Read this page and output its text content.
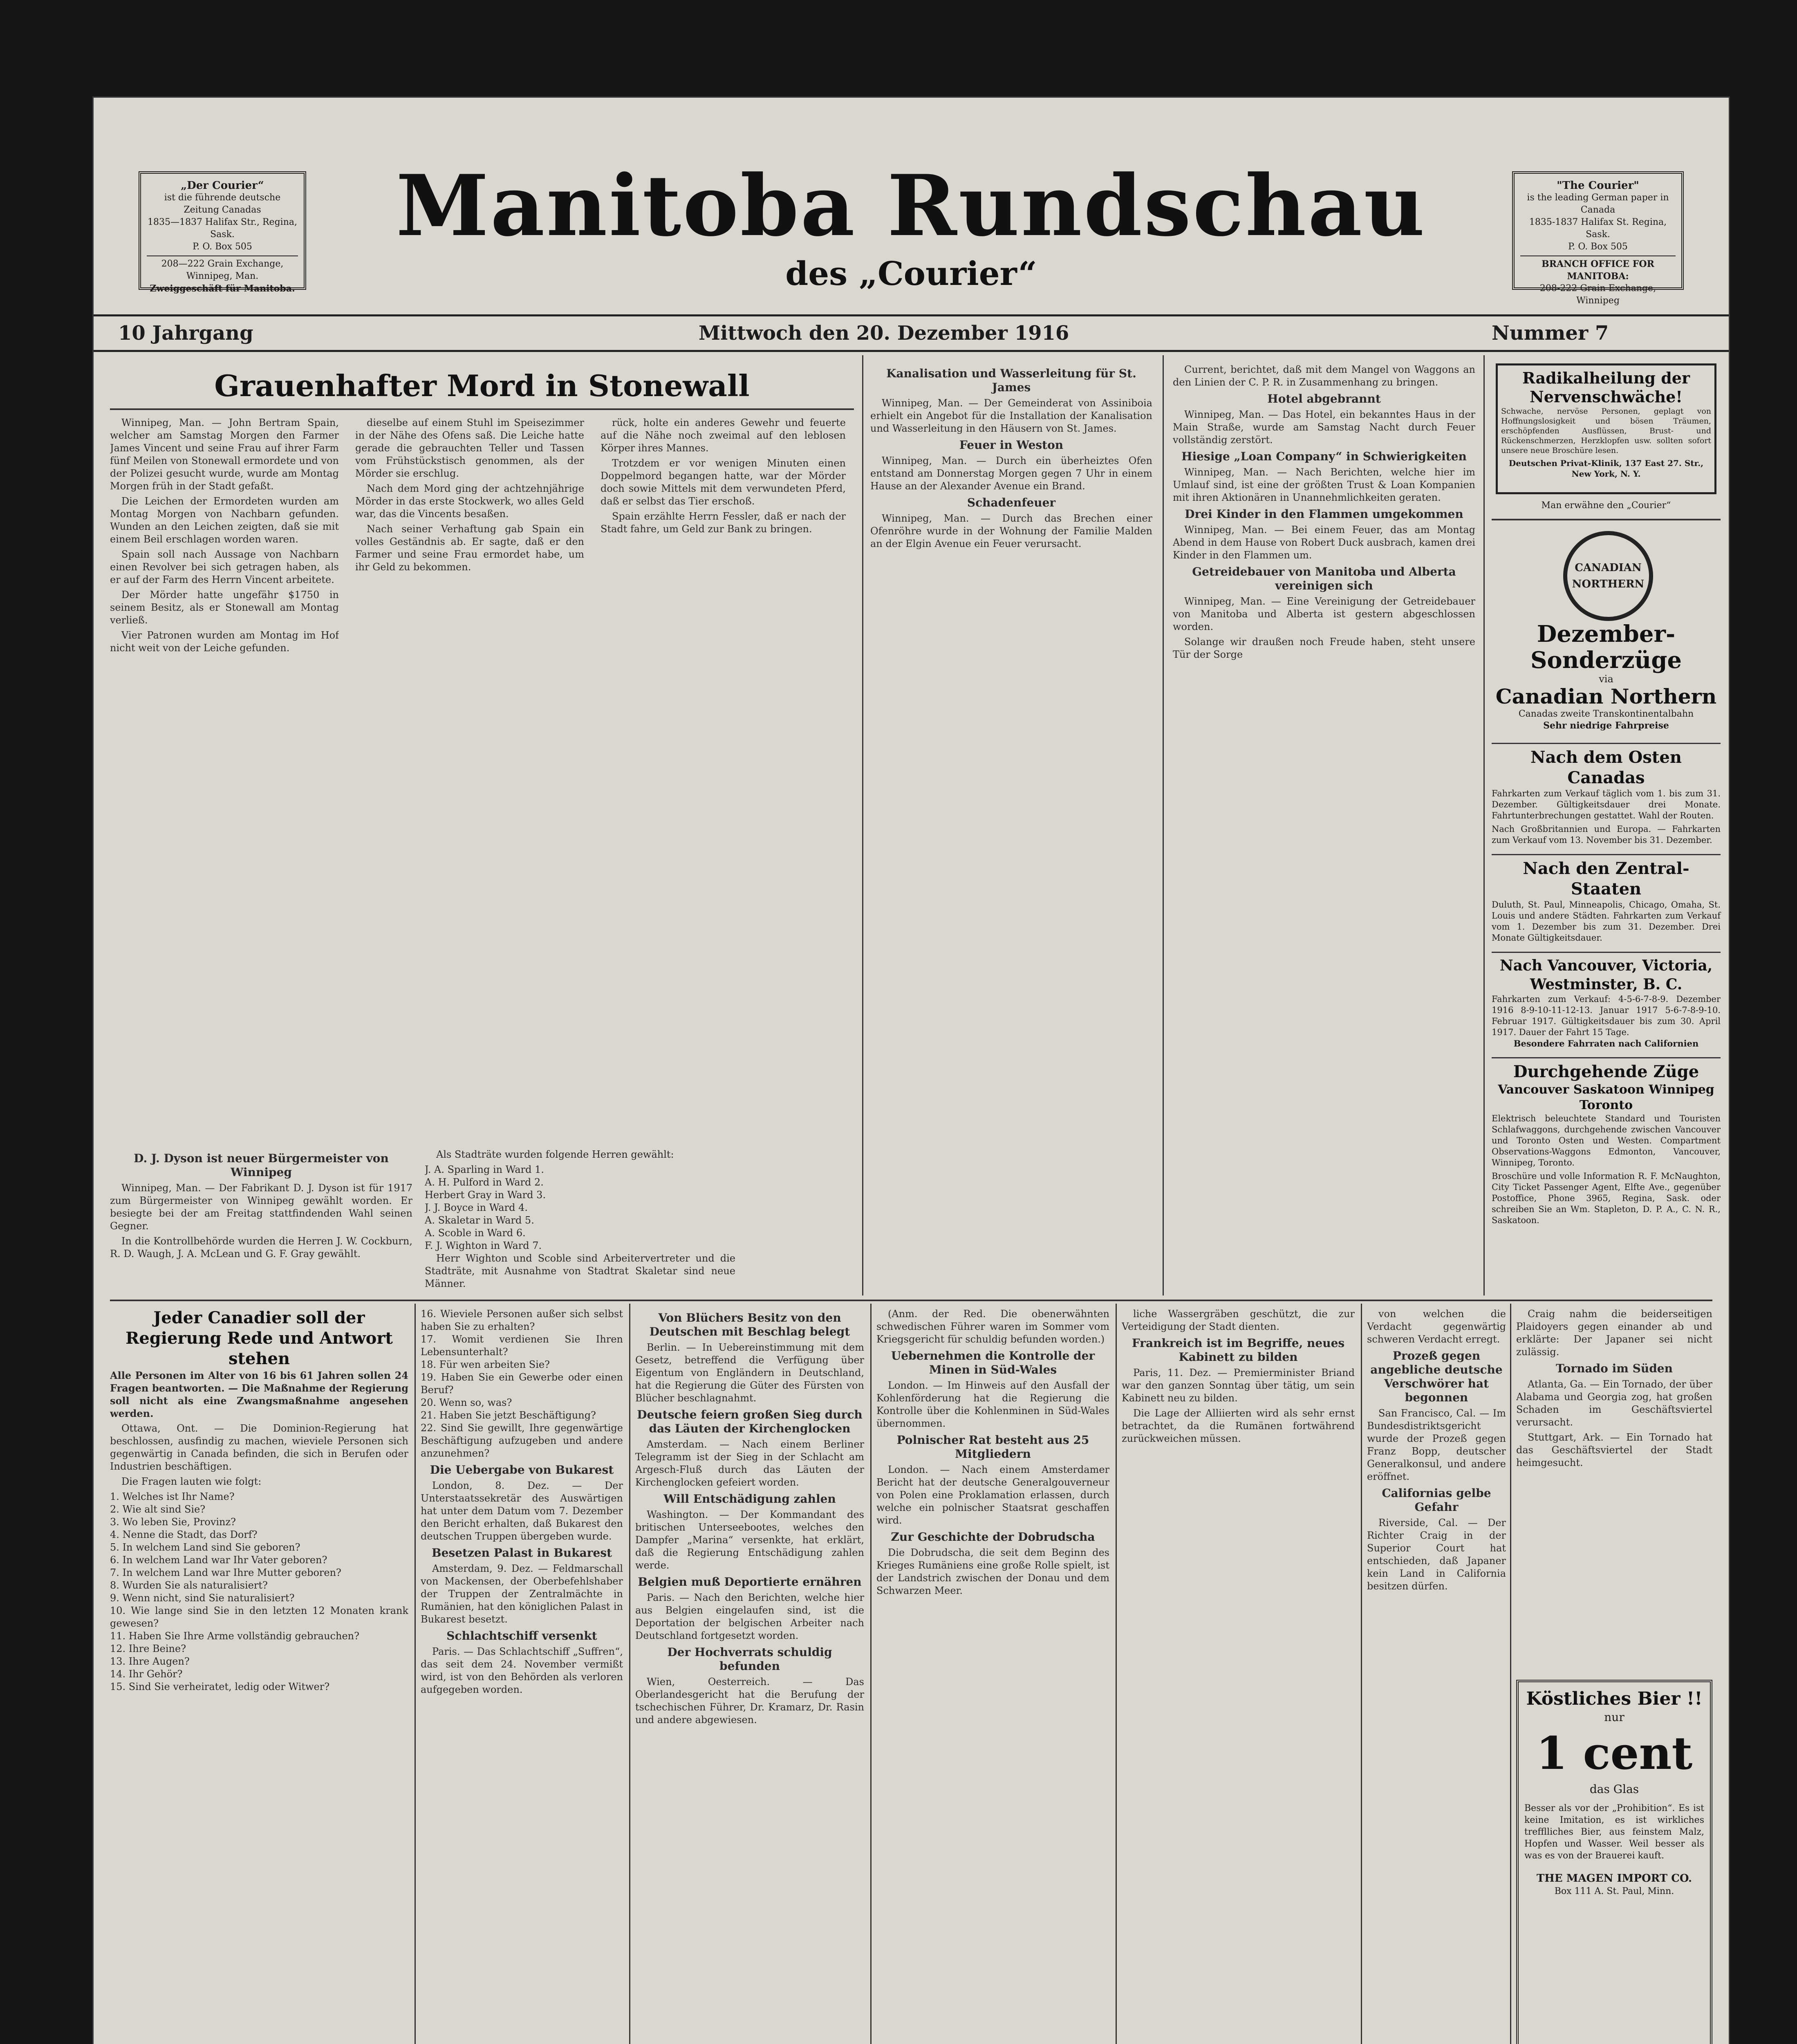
„Der Courier“
ist die führende deutsche Zeitung Canadas
1835—1837 Halifax Str., Regina, Sask.
P. O. Box 505
208—222 Grain Exchange, Winnipeg, Man.
Zweiggeschäft für Manitoba.
Manitoba Rundschau
des „Courier“
"The Courier"
is the leading German paper in Canada
1835-1837 Halifax St. Regina, Sask.
P. O. Box 505
BRANCH OFFICE FOR MANITOBA:
208-222 Grain Exchange, Winnipeg
10 Jahrgang	Mittwoch den 20. Dezember 1916	Nummer 7
Grauenhafter Mord in Stonewall

Winnipeg, Man. — John Bertram Spain, welcher am Samstag Morgen den Farmer James Vincent und seine Frau auf ihrer Farm fünf Meilen von Stonewall ermordete und von der Polizei gesucht wurde, wurde am Montag Morgen früh in der Stadt gefaßt.

Die Leichen der Ermordeten wurden am Montag Morgen von Nachbarn gefunden. Wunden an den Leichen zeigten, daß sie mit einem Beil erschlagen worden waren.

Spain soll nach Aussage von Nachbarn einen Revolver bei sich getragen haben, als er auf der Farm des Herrn Vincent arbeitete.

Der Mörder hatte ungefähr $1750 in seinem Besitz, als er Stonewall am Montag verließ.

Vier Patronen wurden am Montag im Hof nicht weit von der Leiche gefunden.

dieselbe auf einem Stuhl im Speisezimmer in der Nähe des Ofens saß. Die Leiche hatte gerade die gebrauchten Teller und Tassen vom Frühstückstisch genommen, als der Mörder sie erschlug.

Nach dem Mord ging der achtzehnjährige Mörder in das erste Stockwerk, wo alles Geld war, das die Vincents besaßen.

Nach seiner Verhaftung gab Spain ein volles Geständnis ab. Er sagte, daß er den Farmer und seine Frau ermordet habe, um ihr Geld zu bekommen.

rück, holte ein anderes Gewehr und feuerte auf die Nähe noch zweimal auf den leblosen Körper ihres Mannes.

Trotzdem er vor wenigen Minuten einen Doppelmord begangen hatte, war der Mörder doch sowie Mittels mit dem verwundeten Pferd, daß er selbst das Tier erschoß.

Spain erzählte Herrn Fessler, daß er nach der Stadt fahre, um Geld zur Bank zu bringen.

Kanalisation und Wasserleitung für St. James

Winnipeg, Man. — Der Gemeinderat von Assiniboia erhielt ein Angebot für die Installation der Kanalisation und Wasserleitung in den Häusern von St. James.

Feuer in Weston

Winnipeg, Man. — Durch ein überheiztes Ofen entstand am Donnerstag Morgen gegen 7 Uhr in einem Hause an der Alexander Avenue ein Brand.

Schadenfeuer

Winnipeg, Man. — Durch das Brechen einer Ofenröhre wurde in der Wohnung der Familie Malden an der Elgin Avenue ein Feuer verursacht.

Current, berichtet, daß mit dem Mangel von Waggons an den Linien der C. P. R. in Zusammenhang zu bringen.

Hotel abgebrannt

Winnipeg, Man. — Das Hotel, ein bekanntes Haus in der Main Straße, wurde am Samstag Nacht durch Feuer vollständig zerstört.

Hiesige „Loan Company“ in Schwierigkeiten

Winnipeg, Man. — Nach Berichten, welche hier im Umlauf sind, ist eine der größten Trust & Loan Kompanien mit ihren Aktionären in Unannehmlichkeiten geraten.

Drei Kinder in den Flammen umgekommen

Winnipeg, Man. — Bei einem Feuer, das am Montag Abend in dem Hause von Robert Duck ausbrach, kamen drei Kinder in den Flammen um.

Getreidebauer von Manitoba und Alberta vereinigen sich

Winnipeg, Man. — Eine Vereinigung der Getreidebauer von Manitoba und Alberta ist gestern abgeschlossen worden.

Solange wir draußen noch Freude haben, steht unsere Tür der Sorge

Radikalheilung der Nervenschwäche!
Schwache, nervöse Personen, geplagt von Hoffnungslosigkeit und bösen Träumen, erschöpfenden Ausflüssen, Brust- und Rückenschmerzen, Herzklopfen usw. sollten sofort unsere neue Broschüre lesen.
Deutschen Privat-Klinik, 137 East 27. Str., New York, N. Y.
Man erwähne den „Courier“
CANADIAN
NORTHERN
Dezember-Sonderzüge
via
Canadian Northern
Canadas zweite Transkontinentalbahn
Sehr niedrige Fahrpreise
Nach dem Osten Canadas
Fahrkarten zum Verkauf täglich vom 1. bis zum 31. Dezember. Gültigkeitsdauer drei Monate. Fahrtunterbrechungen gestattet. Wahl der Routen.
Nach Großbritannien und Europa. — Fahrkarten zum Verkauf vom 13. November bis 31. Dezember.
Nach den Zentral-Staaten
Duluth, St. Paul, Minneapolis, Chicago, Omaha, St. Louis und andere Städten. Fahrkarten zum Verkauf vom 1. Dezember bis zum 31. Dezember. Drei Monate Gültigkeitsdauer.
Nach Vancouver, Victoria, Westminster, B. C.
Fahrkarten zum Verkauf: 4-5-6-7-8-9. Dezember 1916 8-9-10-11-12-13. Januar 1917 5-6-7-8-9-10. Februar 1917. Gültigkeitsdauer bis zum 30. April 1917. Dauer der Fahrt 15 Tage.
Besondere Fahrraten nach Californien
Durchgehende Züge
Vancouver Saskatoon Winnipeg Toronto
Elektrisch beleuchtete Standard und Touristen Schlafwaggons, durchgehende zwischen Vancouver und Toronto Osten und Westen. Compartment Observations-Waggons Edmonton, Vancouver, Winnipeg, Toronto.
Broschüre und volle Information R. F. McNaughton, City Ticket Passenger Agent, Elfte Ave., gegenüber Postoffice, Phone 3965, Regina, Sask. oder schreiben Sie an Wm. Stapleton, D. P. A., C. N. R., Saskatoon.
D. J. Dyson ist neuer Bürgermeister von Winnipeg

Winnipeg, Man. — Der Fabrikant D. J. Dyson ist für 1917 zum Bürgermeister von Winnipeg gewählt worden. Er besiegte bei der am Freitag stattfindenden Wahl seinen Gegner.

In die Kontrollbehörde wurden die Herren J. W. Cockburn, R. D. Waugh, J. A. McLean und G. F. Gray gewählt.

Als Stadträte wurden folgende Herren gewählt:

J. A. Sparling in Ward 1.
A. H. Pulford in Ward 2.
Herbert Gray in Ward 3.
J. J. Boyce in Ward 4.
A. Skaletar in Ward 5.
A. Scoble in Ward 6.
F. J. Wighton in Ward 7.

Herr Wighton und Scoble sind Arbeitervertreter und die Stadträte, mit Ausnahme von Stadtrat Skaletar sind neue Männer.

Jeder Canadier soll der Regierung Rede und Antwort stehen

Alle Personen im Alter von 16 bis 61 Jahren sollen 24 Fragen beantworten. — Die Maßnahme der Regierung soll nicht als eine Zwangsmaßnahme angesehen werden.

Ottawa, Ont. — Die Dominion-Regierung hat beschlossen, ausfindig zu machen, wieviele Personen sich gegenwärtig in Canada befinden, die sich in Berufen oder Industrien beschäftigen.

Die Fragen lauten wie folgt:

1. Welches ist Ihr Name?
2. Wie alt sind Sie?
3. Wo leben Sie, Provinz?
4. Nenne die Stadt, das Dorf?
5. In welchem Land sind Sie geboren?
6. In welchem Land war Ihr Vater geboren?
7. In welchem Land war Ihre Mutter geboren?
8. Wurden Sie als naturalisiert?
9. Wenn nicht, sind Sie naturalisiert?
10. Wie lange sind Sie in den letzten 12 Monaten krank gewesen?
11. Haben Sie Ihre Arme vollständig gebrauchen?
12. Ihre Beine?
13. Ihre Augen?
14. Ihr Gehör?
15. Sind Sie verheiratet, ledig oder Witwer?
16. Wieviele Personen außer sich selbst haben Sie zu erhalten?
17. Womit verdienen Sie Ihren Lebensunterhalt?
18. Für wen arbeiten Sie?
19. Haben Sie ein Gewerbe oder einen Beruf?
20. Wenn so, was?
21. Haben Sie jetzt Beschäftigung?
22. Sind Sie gewillt, Ihre gegenwärtige Beschäftigung aufzugeben und andere anzunehmen?
Die Uebergabe von Bukarest

London, 8. Dez. — Der Unterstaatssekretär des Auswärtigen hat unter dem Datum vom 7. Dezember den Bericht erhalten, daß Bukarest den deutschen Truppen übergeben wurde.

Besetzen Palast in Bukarest

Amsterdam, 9. Dez. — Feldmarschall von Mackensen, der Oberbefehlshaber der Truppen der Zentralmächte in Rumänien, hat den königlichen Palast in Bukarest besetzt.

Schlachtschiff versenkt

Paris. — Das Schlachtschiff „Suffren“, das seit dem 24. November vermißt wird, ist von den Behörden als verloren aufgegeben worden.

Von Blüchers Besitz von den Deutschen mit Beschlag belegt

Berlin. — In Uebereinstimmung mit dem Gesetz, betreffend die Verfügung über Eigentum von Engländern in Deutschland, hat die Regierung die Güter des Fürsten von Blücher beschlagnahmt.

Deutsche feiern großen Sieg durch das Läuten der Kirchenglocken

Amsterdam. — Nach einem Berliner Telegramm ist der Sieg in der Schlacht am Argesch-Fluß durch das Läuten der Kirchenglocken gefeiert worden.

Will Entschädigung zahlen

Washington. — Der Kommandant des britischen Unterseebootes, welches den Dampfer „Marina“ versenkte, hat erklärt, daß die Regierung Entschädigung zahlen werde.

Belgien muß Deportierte ernähren

Paris. — Nach den Berichten, welche hier aus Belgien eingelaufen sind, ist die Deportation der belgischen Arbeiter nach Deutschland fortgesetzt worden.

Der Hochverrats schuldig befunden

Wien, Oesterreich. — Das Oberlandesgericht hat die Berufung der tschechischen Führer, Dr. Kramarz, Dr. Rasin und andere abgewiesen.

(Anm. der Red. Die obenerwähnten schwedischen Führer waren im Sommer vom Kriegsgericht für schuldig befunden worden.)

Uebernehmen die Kontrolle der Minen in Süd-Wales

London. — Im Hinweis auf den Ausfall der Kohlenförderung hat die Regierung die Kontrolle über die Kohlenminen in Süd-Wales übernommen.

Polnischer Rat besteht aus 25 Mitgliedern

London. — Nach einem Amsterdamer Bericht hat der deutsche Generalgouverneur von Polen eine Proklamation erlassen, durch welche ein polnischer Staatsrat geschaffen wird.

Zur Geschichte der Dobrudscha

Die Dobrudscha, die seit dem Beginn des Krieges Rumäniens eine große Rolle spielt, ist der Landstrich zwischen der Donau und dem Schwarzen Meer.

liche Wassergräben geschützt, die zur Verteidigung der Stadt dienten.

Frankreich ist im Begriffe, neues Kabinett zu bilden

Paris, 11. Dez. — Premierminister Briand war den ganzen Sonntag über tätig, um sein Kabinett neu zu bilden.

Die Lage der Alliierten wird als sehr ernst betrachtet, da die Rumänen fortwährend zurückweichen müssen.

von welchen die Verdacht gegenwärtig schweren Verdacht erregt.

Prozeß gegen angebliche deutsche Verschwörer hat begonnen

San Francisco, Cal. — Im Bundesdistriktsgericht wurde der Prozeß gegen Franz Bopp, deutscher Generalkonsul, und andere eröffnet.

Californias gelbe Gefahr

Riverside, Cal. — Der Richter Craig in der Superior Court hat entschieden, daß Japaner kein Land in California besitzen dürfen.

Craig nahm die beiderseitigen Plaidoyers gegen einander ab und erklärte: Der Japaner sei nicht zulässig.

Tornado im Süden

Atlanta, Ga. — Ein Tornado, der über Alabama und Georgia zog, hat großen Schaden im Geschäftsviertel verursacht.

Stuttgart, Ark. — Ein Tornado hat das Geschäftsviertel der Stadt heimgesucht.

Köstliches Bier !!
nur
1 cent
das Glas
Besser als vor der „Prohibition“. Es ist keine Imitation, es ist wirkliches trefflliches Bier, aus feinstem Malz, Hopfen und Wasser. Weil besser als was es von der Brauerei kauft.
THE MAGEN IMPORT CO.
Box 111 A. St. Paul, Minn.
